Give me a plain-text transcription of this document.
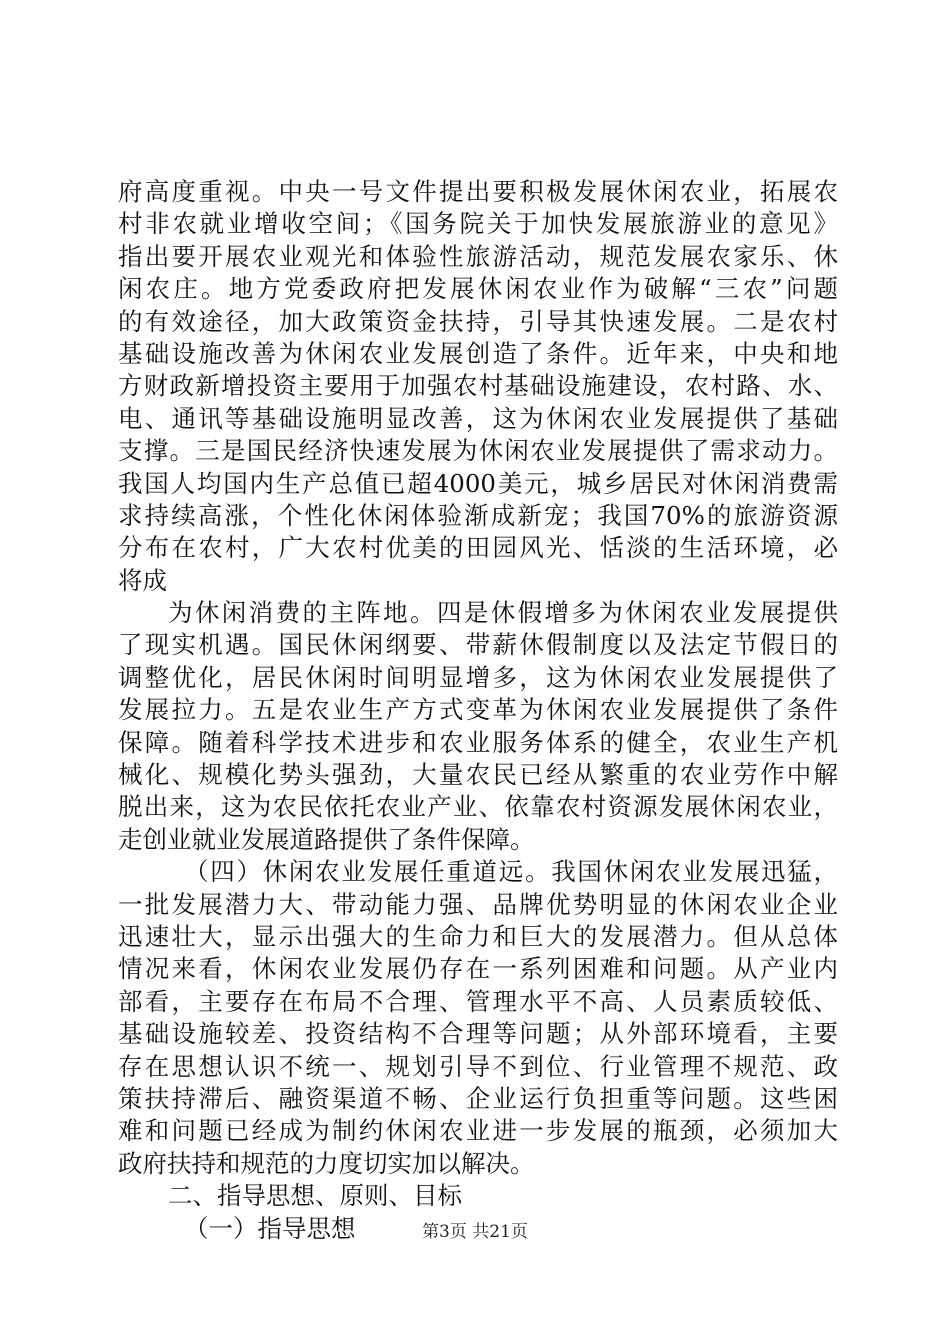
府高度重视。中央一号文件提出要积极发展休闲农业，拓展农
村非农就业增收空间；《国务院关于加快发展旅游业的意见》
指出要开展农业观光和体验性旅游活动，规范发展农家乐、休
闲农庄。地方党委政府把发展休闲农业作为破解“三农”问题
的有效途径，加大政策资金扶持，引导其快速发展。二是农村
基础设施改善为休闲农业发展创造了条件。近年来，中央和地
方财政新增投资主要用于加强农村基础设施建设，农村路、水、
电、通讯等基础设施明显改善，这为休闲农业发展提供了基础
支撑。三是国民经济快速发展为休闲农业发展提供了需求动力。
我国人均国内生产总值已超4000美元，城乡居民对休闲消费需
求持续高涨，个性化休闲体验渐成新宠；我国70%的旅游资源
分布在农村，广大农村优美的田园风光、恬淡的生活环境，必
将成
为休闲消费的主阵地。四是休假增多为休闲农业发展提供
了现实机遇。国民休闲纲要、带薪休假制度以及法定节假日的
调整优化，居民休闲时间明显增多，这为休闲农业发展提供了
发展拉力。五是农业生产方式变革为休闲农业发展提供了条件
保障。随着科学技术进步和农业服务体系的健全，农业生产机
械化、规模化势头强劲，大量农民已经从繁重的农业劳作中解
脱出来，这为农民依托农业产业、依靠农村资源发展休闲农业，
走创业就业发展道路提供了条件保障。
（四）休闲农业发展任重道远。我国休闲农业发展迅猛，
一批发展潜力大、带动能力强、品牌优势明显的休闲农业企业
迅速壮大，显示出强大的生命力和巨大的发展潜力。但从总体
情况来看，休闲农业发展仍存在一系列困难和问题。从产业内
部看，主要存在布局不合理、管理水平不高、人员素质较低、
基础设施较差、投资结构不合理等问题；从外部环境看，主要
存在思想认识不统一、规划引导不到位、行业管理不规范、政
策扶持滞后、融资渠道不畅、企业运行负担重等问题。这些困
难和问题已经成为制约休闲农业进一步发展的瓶颈，必须加大
政府扶持和规范的力度切实加以解决。
二、指导思想、原则、目标
（一）指导思想	第3页 共21页
